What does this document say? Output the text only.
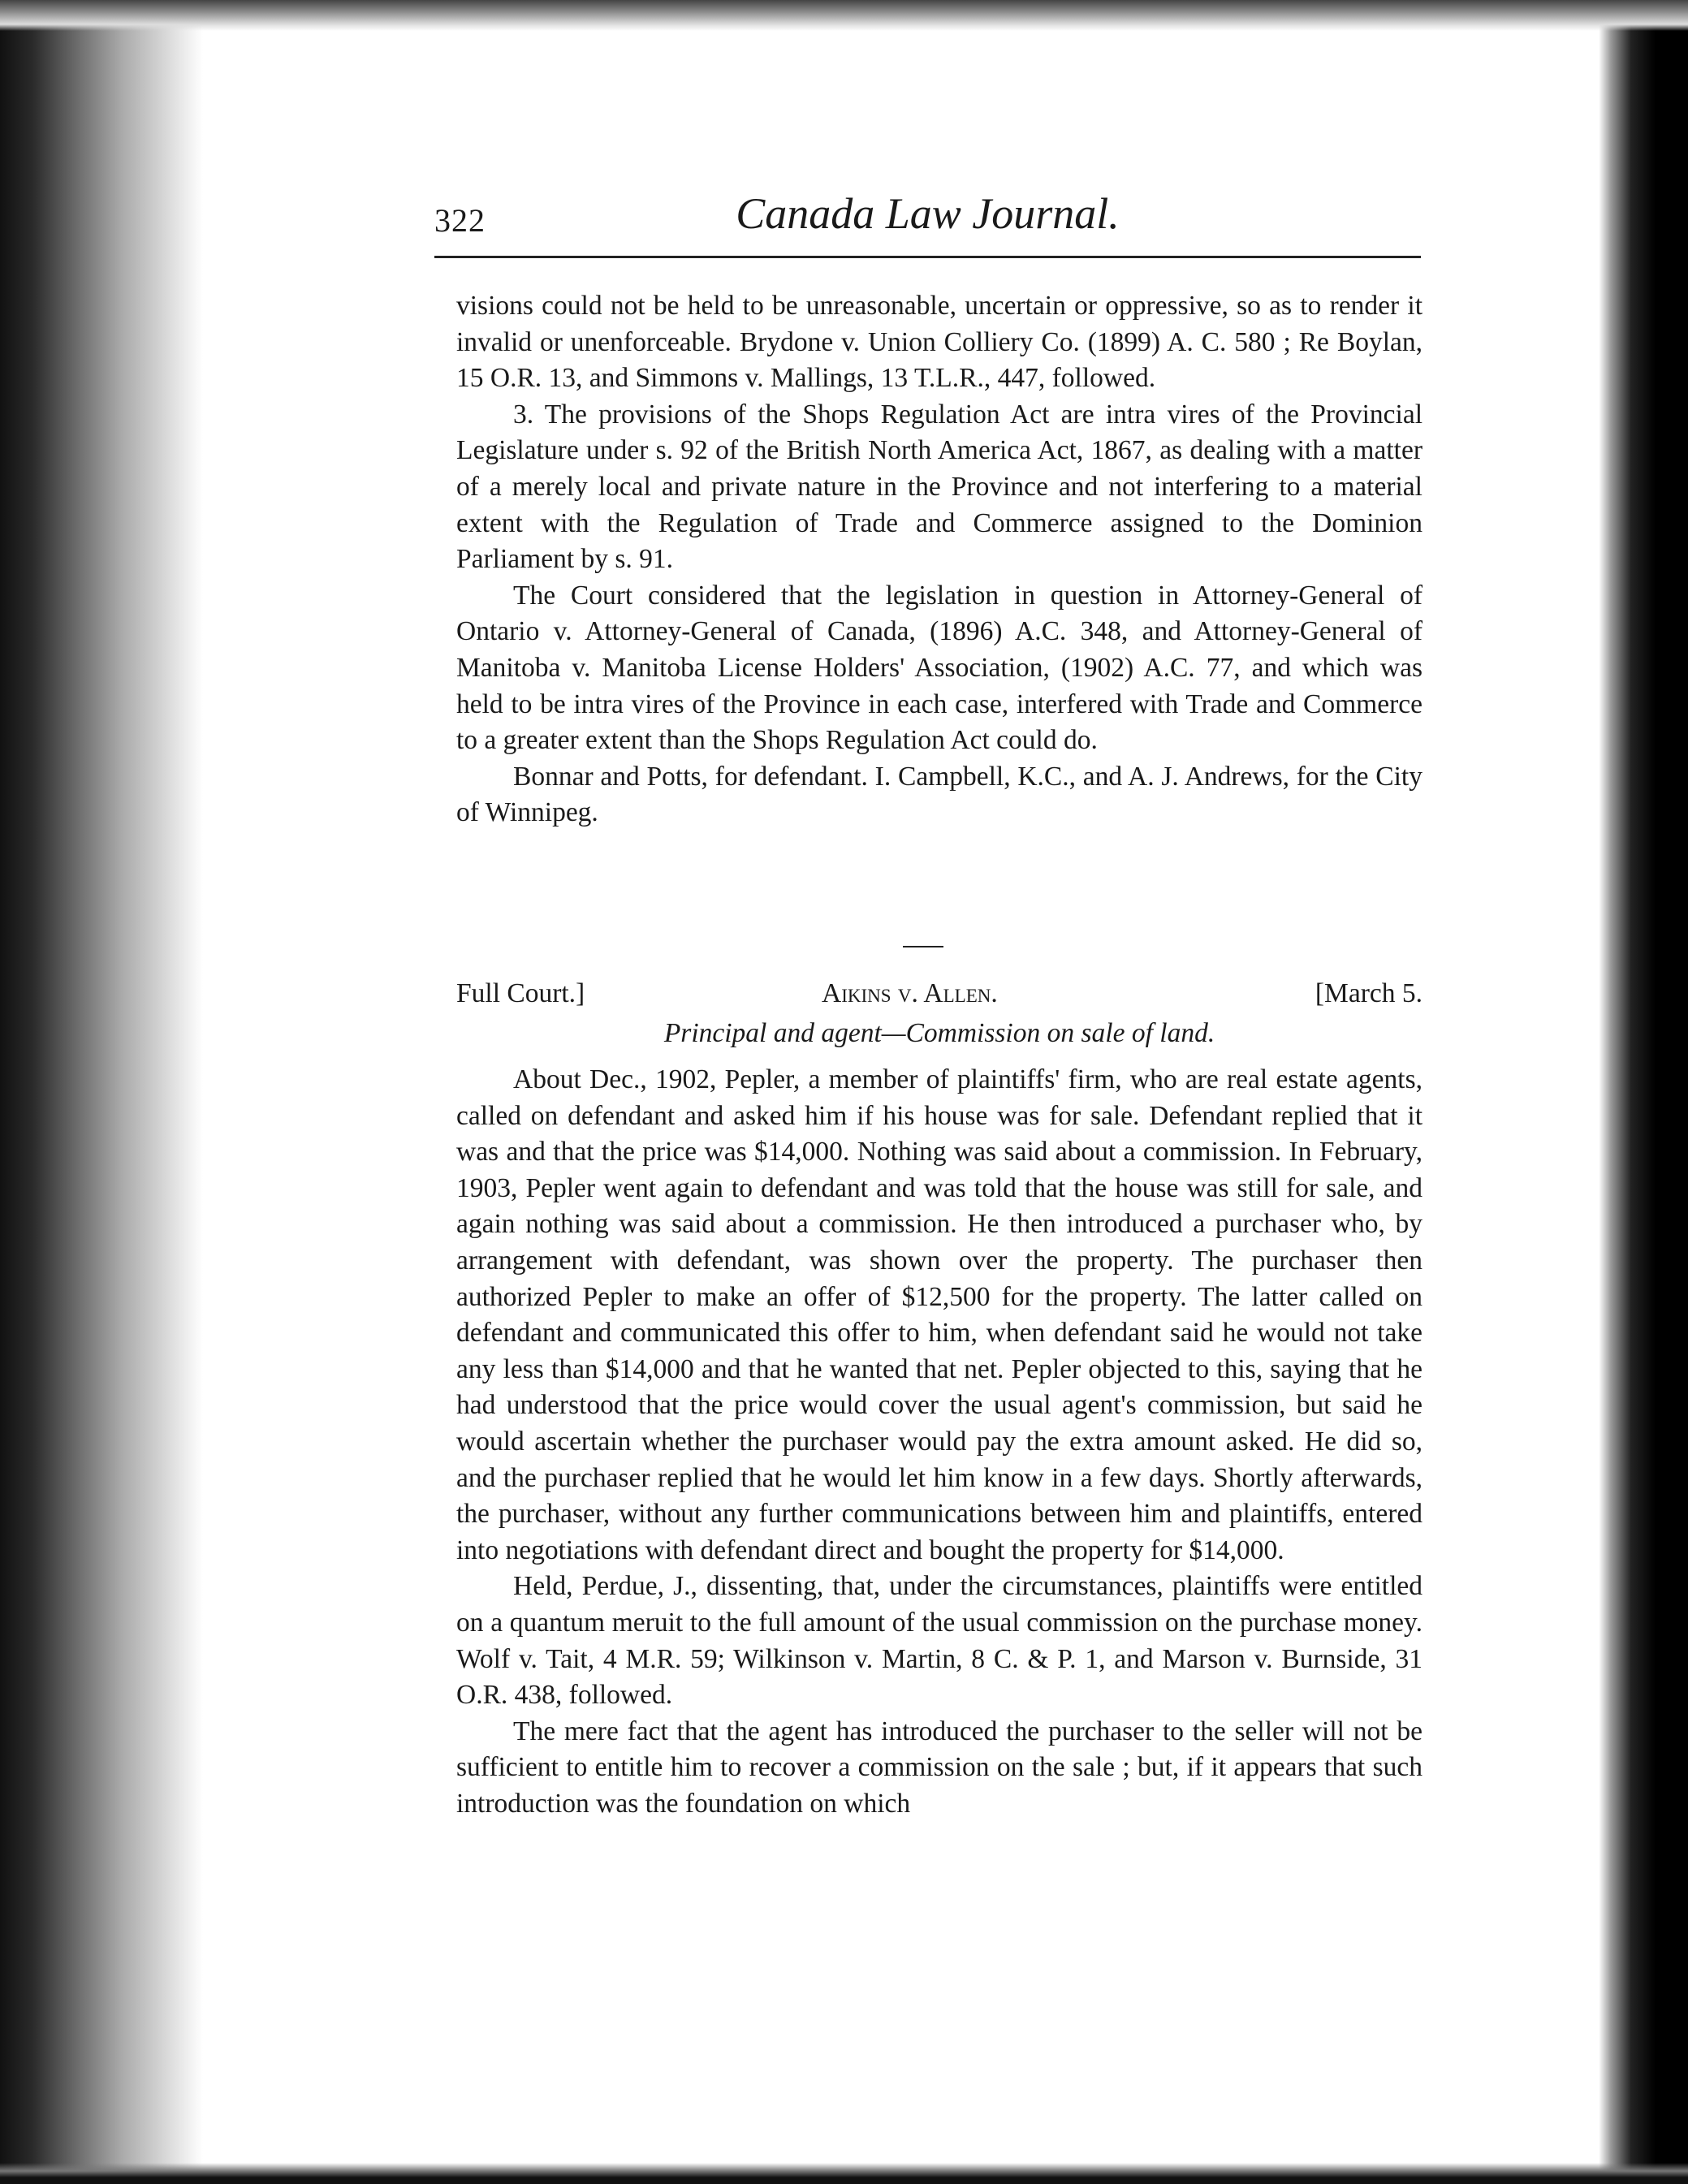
322	Canada Law Journal.

visions could not be held to be unreasonable, uncertain or oppressive, so as to render it invalid or unenforceable. Brydone v. Union Colliery Co. (1899) A. C. 580 ; Re Boylan, 15 O.R. 13, and Simmons v. Mallings, 13 T.L.R., 447, followed.

3. The provisions of the Shops Regulation Act are intra vires of the Provincial Legislature under s. 92 of the British North America Act, 1867, as dealing with a matter of a merely local and private nature in the Province and not interfering to a material extent with the Regulation of Trade and Commerce assigned to the Dominion Parliament by s. 91.

The Court considered that the legislation in question in Attorney-General of Ontario v. Attorney-General of Canada, (1896) A.C. 348, and Attorney-General of Manitoba v. Manitoba License Holders' Association, (1902) A.C. 77, and which was held to be intra vires of the Province in each case, interfered with Trade and Commerce to a greater extent than the Shops Regulation Act could do.

Bonnar and Potts, for defendant. I. Campbell, K.C., and A. J. Andrews, for the City of Winnipeg.

Full Court.]	Aikins v. Allen.	[March 5.
Principal and agent—Commission on sale of land.

About Dec., 1902, Pepler, a member of plaintiffs' firm, who are real estate agents, called on defendant and asked him if his house was for sale. Defendant replied that it was and that the price was $14,000. Nothing was said about a commission. In February, 1903, Pepler went again to defendant and was told that the house was still for sale, and again nothing was said about a commission. He then introduced a purchaser who, by arrangement with defendant, was shown over the property. The purchaser then authorized Pepler to make an offer of $12,500 for the property. The latter called on defendant and communicated this offer to him, when defendant said he would not take any less than $14,000 and that he wanted that net. Pepler objected to this, saying that he had understood that the price would cover the usual agent's commission, but said he would ascertain whether the purchaser would pay the extra amount asked. He did so, and the purchaser replied that he would let him know in a few days. Shortly afterwards, the purchaser, without any further communications between him and plaintiffs, entered into negotiations with defendant direct and bought the property for $14,000.

Held, Perdue, J., dissenting, that, under the circumstances, plaintiffs were entitled on a quantum meruit to the full amount of the usual commission on the purchase money. Wolf v. Tait, 4 M.R. 59; Wilkinson v. Martin, 8 C. & P. 1, and Marson v. Burnside, 31 O.R. 438, followed.

The mere fact that the agent has introduced the purchaser to the seller will not be sufficient to entitle him to recover a commission on the sale ; but, if it appears that such introduction was the foundation on which
